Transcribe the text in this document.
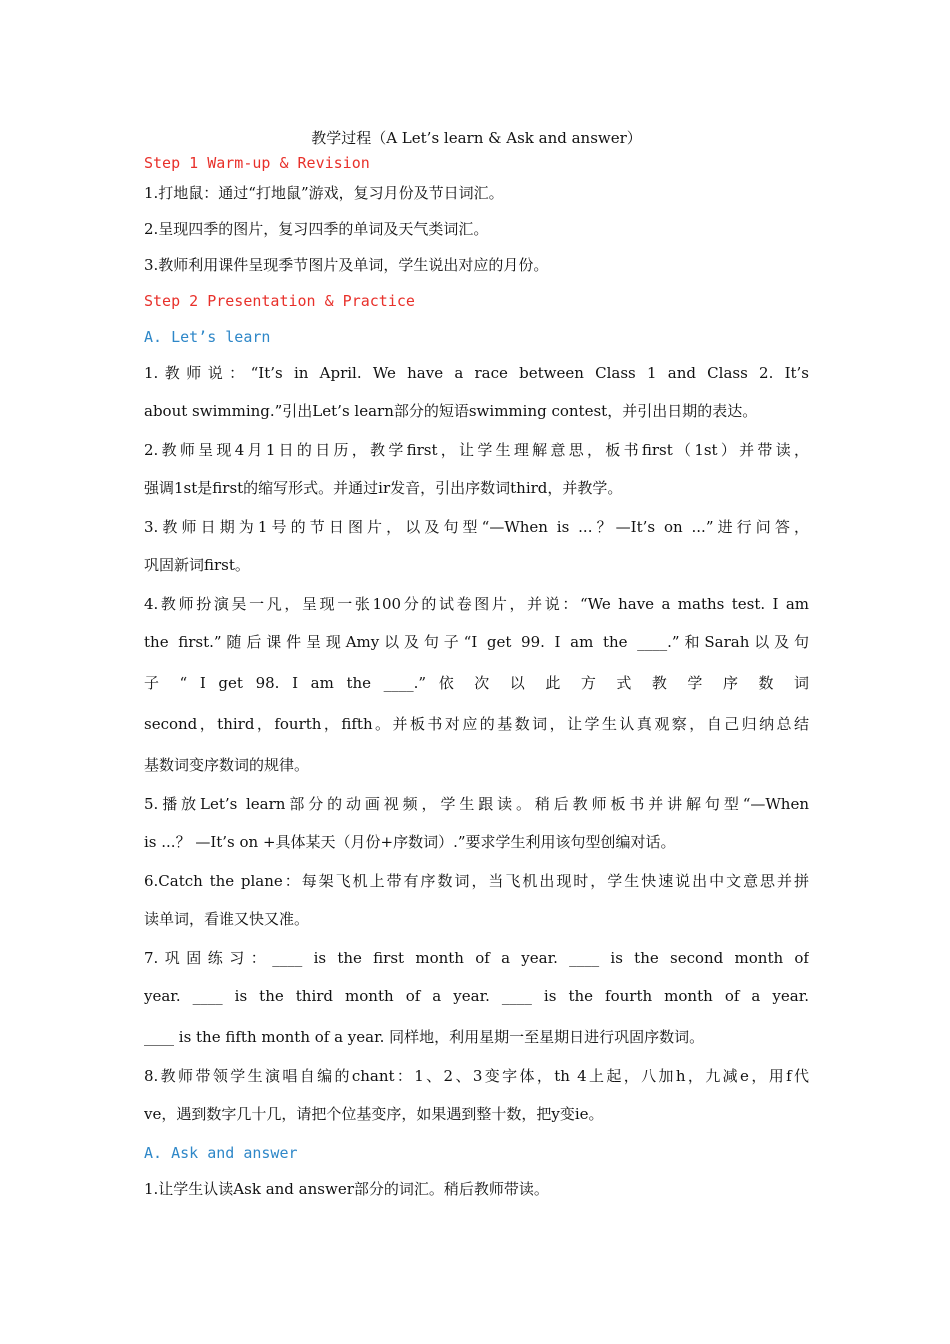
教学过程（A Let’s learn & Ask and answer）
Step 1 Warm-up & Revision
1.打地鼠：通过“打地鼠”游戏，复习月份及节日词汇。
2.呈现四季的图片，复习四季的单词及天气类词汇。
3.教师利用课件呈现季节图片及单词，学生说出对应的月份。
Step 2 Presentation & Practice
A. Let’s learn
1.教师说：“It’s in April. We have a race between Class 1 and Class 2. It’s
about swimming.”引出Let’s learn部分的短语swimming contest，并引出日期的表达。
2.教师呈现4月1日的日历，教学first，让学生理解意思，板书first（1st）并带读，
强调1st是first的缩写形式。并通过ir发音，引出序数词third，并教学。
3.教师日期为1号的节日图片，以及句型“—When is ...？—It’s on ...”进行问答，
巩固新词first。
4.教师扮演吴一凡，呈现一张100分的试卷图片，并说：“We have a maths test. I am
the first.”随后课件呈现Amy以及句子“I get 99. I am the ____.”和Sarah以及句
子 “ I get 98. I am the ____.” 依 次 以 此 方 式 教 学 序 数 词
second，third，fourth，fifth。并板书对应的基数词，让学生认真观察，自己归纳总结
基数词变序数词的规律。
5.播放Let’s learn部分的动画视频，学生跟读。稍后教师板书并讲解句型“—When
is ...？ —It’s on +具体某天（月份+序数词）.”要求学生利用该句型创编对话。
6.Catch the plane：每架飞机上带有序数词，当飞机出现时，学生快速说出中文意思并拼
读单词，看谁又快又准。
7.巩固练习：____ is the first month of a year. ____ is the second month of
year. ____ is the third month of a year. ____ is the fourth month of a year.
____ is the fifth month of a year. 同样地，利用星期一至星期日进行巩固序数词。
8.教师带领学生演唱自编的chant：1、2、3变字体，th 4上起，八加h，九减e，用f代
ve，遇到数字几十几，请把个位基变序，如果遇到整十数，把y变ie。
A. Ask and answer
1.让学生认读Ask and answer部分的词汇。稍后教师带读。
